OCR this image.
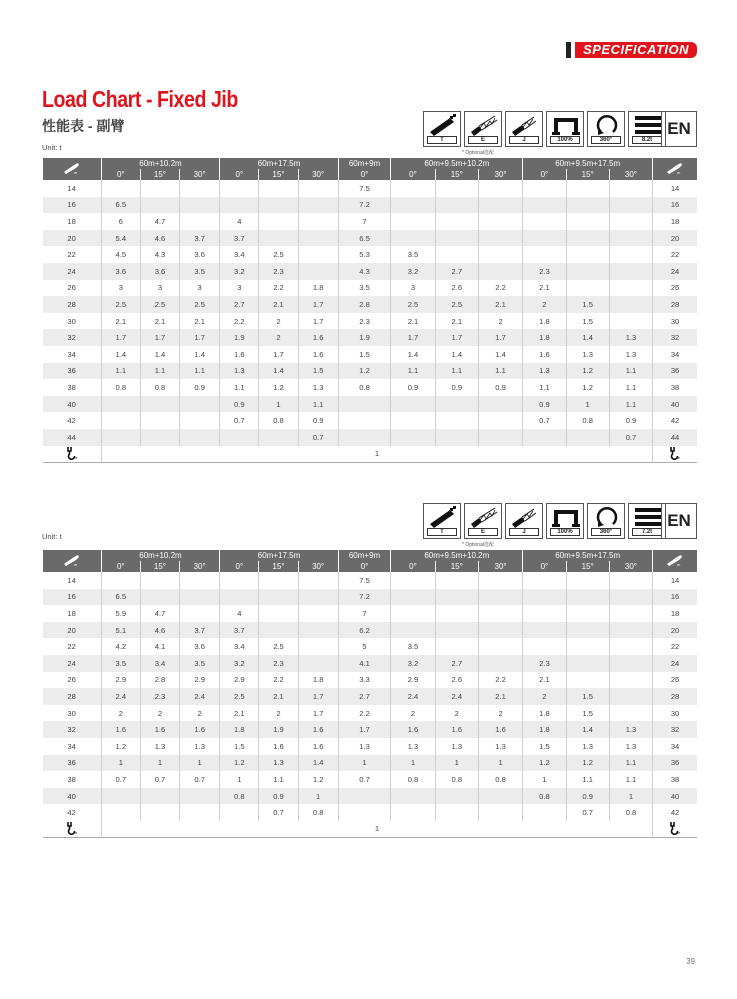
SPECIFICATION
Load Chart - Fixed Jib
性能表 - 副臂
Unit: t
T	E	J	100%	360°	8.2t
EN
* Optional选配
m	60m+10.2m			60m+17.5m			60m+9m	60m+9.5m+10.2m			60m+9.5m+17.5m			m

	0°	15°	30°	0°	15°	30°	0°	0°	15°	30°	0°	15°	30°	
14							7.5							14
16	6.5						7.2							16
18	6	4.7		4			7							18
20	5.4	4.6	3.7	3.7			6.5							20
22	4.5	4.3	3.6	3.4	2.5		5.3	3.5						22
24	3.6	3.6	3.5	3.2	2.3		4.3	3.2	2.7		2.3			24
26	3	3	3	3	2.2	1.8	3.5	3	2.6	2.2	2.1			26
28	2.5	2.5	2.5	2.7	2.1	1.7	2.8	2.5	2.5	2.1	2	1.5		28
30	2.1	2.1	2.1	2.2	2	1.7	2.3	2.1	2.1	2	1.8	1.5		30
32	1.7	1.7	1.7	1.9	2	1.6	1.9	1.7	1.7	1.7	1.8	1.4	1.3	32
34	1.4	1.4	1.4	1.6	1.7	1.6	1.5	1.4	1.4	1.4	1.6	1.3	1.3	34
36	1.1	1.1	1.1	1.3	1.4	1.5	1.2	1.1	1.1	1.1	1.3	1.2	1.1	36
38	0.8	0.8	0.9	1.1	1.2	1.3	0.8	0.9	0.9	0.9	1.1	1.2	1.1	38
40				0.9	1	1.1					0.9	1	1.1	40
42				0.7	0.8	0.9					0.7	0.8	0.9	42
44						0.7							0.7	44

m	1													m
Unit: t	T	E	J	100%	360°	7.2t
EN
* Optional选配
m	60m+10.2m			60m+17.5m			60m+9m	60m+9.5m+10.2m			60m+9.5m+17.5m			m

	0°	15°	30°	0°	15°	30°	0°	0°	15°	30°	0°	15°	30°	
14							7.5							14
16	6.5						7.2							16
18	5.9	4.7		4			7							18
20	5.1	4.6	3.7	3.7			6.2							20
22	4.2	4.1	3.6	3.4	2.5		5	3.5						22
24	3.5	3.4	3.5	3.2	2.3		4.1	3.2	2.7		2.3			24
26	2.9	2.8	2.9	2.9	2.2	1.8	3.3	2.9	2.6	2.2	2.1			26
28	2.4	2.3	2.4	2.5	2.1	1.7	2.7	2.4	2.4	2.1	2	1.5		28
30	2	2	2	2.1	2	1.7	2.2	2	2	2	1.8	1.5		30
32	1.6	1.6	1.6	1.8	1.9	1.6	1.7	1.6	1.6	1.6	1.8	1.4	1.3	32
34	1.2	1.3	1.3	1.5	1.6	1.6	1.3	1.3	1.3	1.3	1.5	1.3	1.3	34
36	1	1	1	1.2	1.3	1.4	1	1	1	1	1.2	1.2	1.1	36
38	0.7	0.7	0.7	1	1.1	1.2	0.7	0.8	0.8	0.8	1	1.1	1.1	38
40				0.8	0.9	1					0.8	0.9	1	40
42					0.7	0.8						0.7	0.8	42

m	1													m
39
